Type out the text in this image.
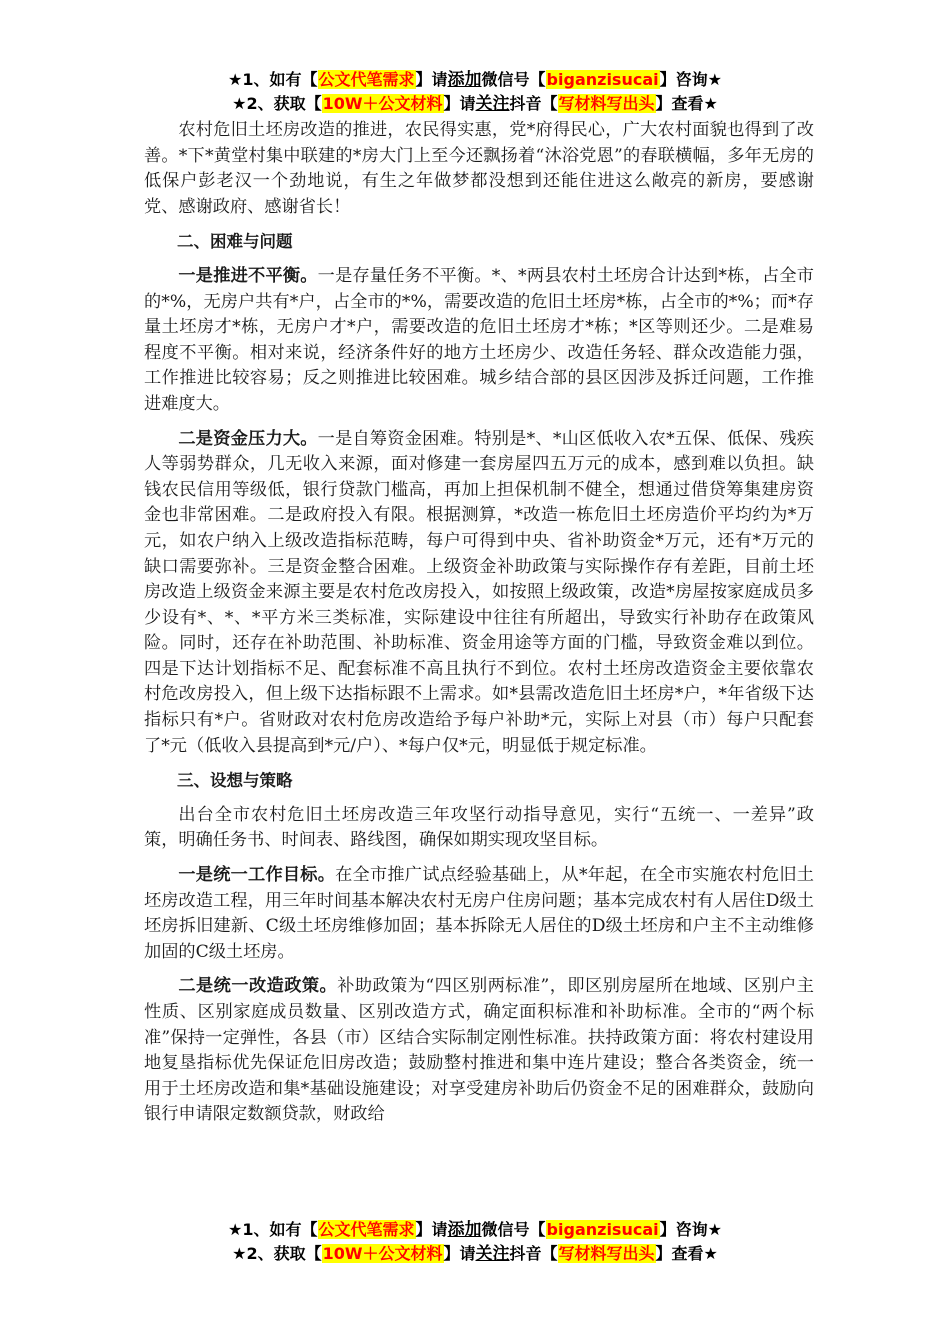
★1、如有【公文代笔需求】请添加微信号【biganzisucai】咨询★
★2、获取【10W＋公文材料】请关注抖音【写材料写出头】查看★

农村危旧土坯房改造的推进，农民得实惠，党*府得民心，广大农村面貌也得到了改善。*下*黄堂村集中联建的*房大门上至今还飘扬着“沐浴党恩”的春联横幅，多年无房的低保户彭老汉一个劲地说，有生之年做梦都没想到还能住进这么敞亮的新房，要感谢党、感谢政府、感谢省长！

二、困难与问题

一是推进不平衡。一是存量任务不平衡。*、*两县农村土坯房合计达到*栋，占全市的*%，无房户共有*户，占全市的*%，需要改造的危旧土坯房*栋，占全市的*%；而*存量土坯房才*栋，无房户才*户，需要改造的危旧土坯房才*栋；*区等则还少。二是难易程度不平衡。相对来说，经济条件好的地方土坯房少、改造任务轻、群众改造能力强，工作推进比较容易；反之则推进比较困难。城乡结合部的县区因涉及拆迁问题，工作推进难度大。

二是资金压力大。一是自筹资金困难。特别是*、*山区低收入农*五保、低保、残疾人等弱势群众，几无收入来源，面对修建一套房屋四五万元的成本，感到难以负担。缺钱农民信用等级低，银行贷款门槛高，再加上担保机制不健全，想通过借贷筹集建房资金也非常困难。二是政府投入有限。根据测算，*改造一栋危旧土坯房造价平均约为*万元，如农户纳入上级改造指标范畴，每户可得到中央、省补助资金*万元，还有*万元的缺口需要弥补。三是资金整合困难。上级资金补助政策与实际操作存有差距，目前土坯房改造上级资金来源主要是农村危改房投入，如按照上级政策，改造*房屋按家庭成员多少设有*、*、*平方米三类标准，实际建设中往往有所超出，导致实行补助存在政策风险。同时，还存在补助范围、补助标准、资金用途等方面的门槛，导致资金难以到位。四是下达计划指标不足、配套标准不高且执行不到位。农村土坯房改造资金主要依靠农村危改房投入，但上级下达指标跟不上需求。如*县需改造危旧土坯房*户，*年省级下达指标只有*户。省财政对农村危房改造给予每户补助*元，实际上对县（市）每户只配套了*元（低收入县提高到*元/户）、*每户仅*元，明显低于规定标准。

三、设想与策略

出台全市农村危旧土坯房改造三年攻坚行动指导意见，实行“五统一、一差异”政策，明确任务书、时间表、路线图，确保如期实现攻坚目标。

一是统一工作目标。在全市推广试点经验基础上，从*年起，在全市实施农村危旧土坯房改造工程，用三年时间基本解决农村无房户住房问题；基本完成农村有人居住D级土坯房拆旧建新、C级土坯房维修加固；基本拆除无人居住的D级土坯房和户主不主动维修加固的C级土坯房。

二是统一改造政策。补助政策为“四区别两标准”，即区别房屋所在地域、区别户主性质、区别家庭成员数量、区别改造方式，确定面积标准和补助标准。全市的“两个标准”保持一定弹性，各县（市）区结合实际制定刚性标准。扶持政策方面：将农村建设用地复垦指标优先保证危旧房改造；鼓励整村推进和集中连片建设；整合各类资金，统一用于土坯房改造和集*基础设施建设；对享受建房补助后仍资金不足的困难群众，鼓励向银行申请限定数额贷款，财政给

★1、如有【公文代笔需求】请添加微信号【biganzisucai】咨询★
★2、获取【10W＋公文材料】请关注抖音【写材料写出头】查看★
